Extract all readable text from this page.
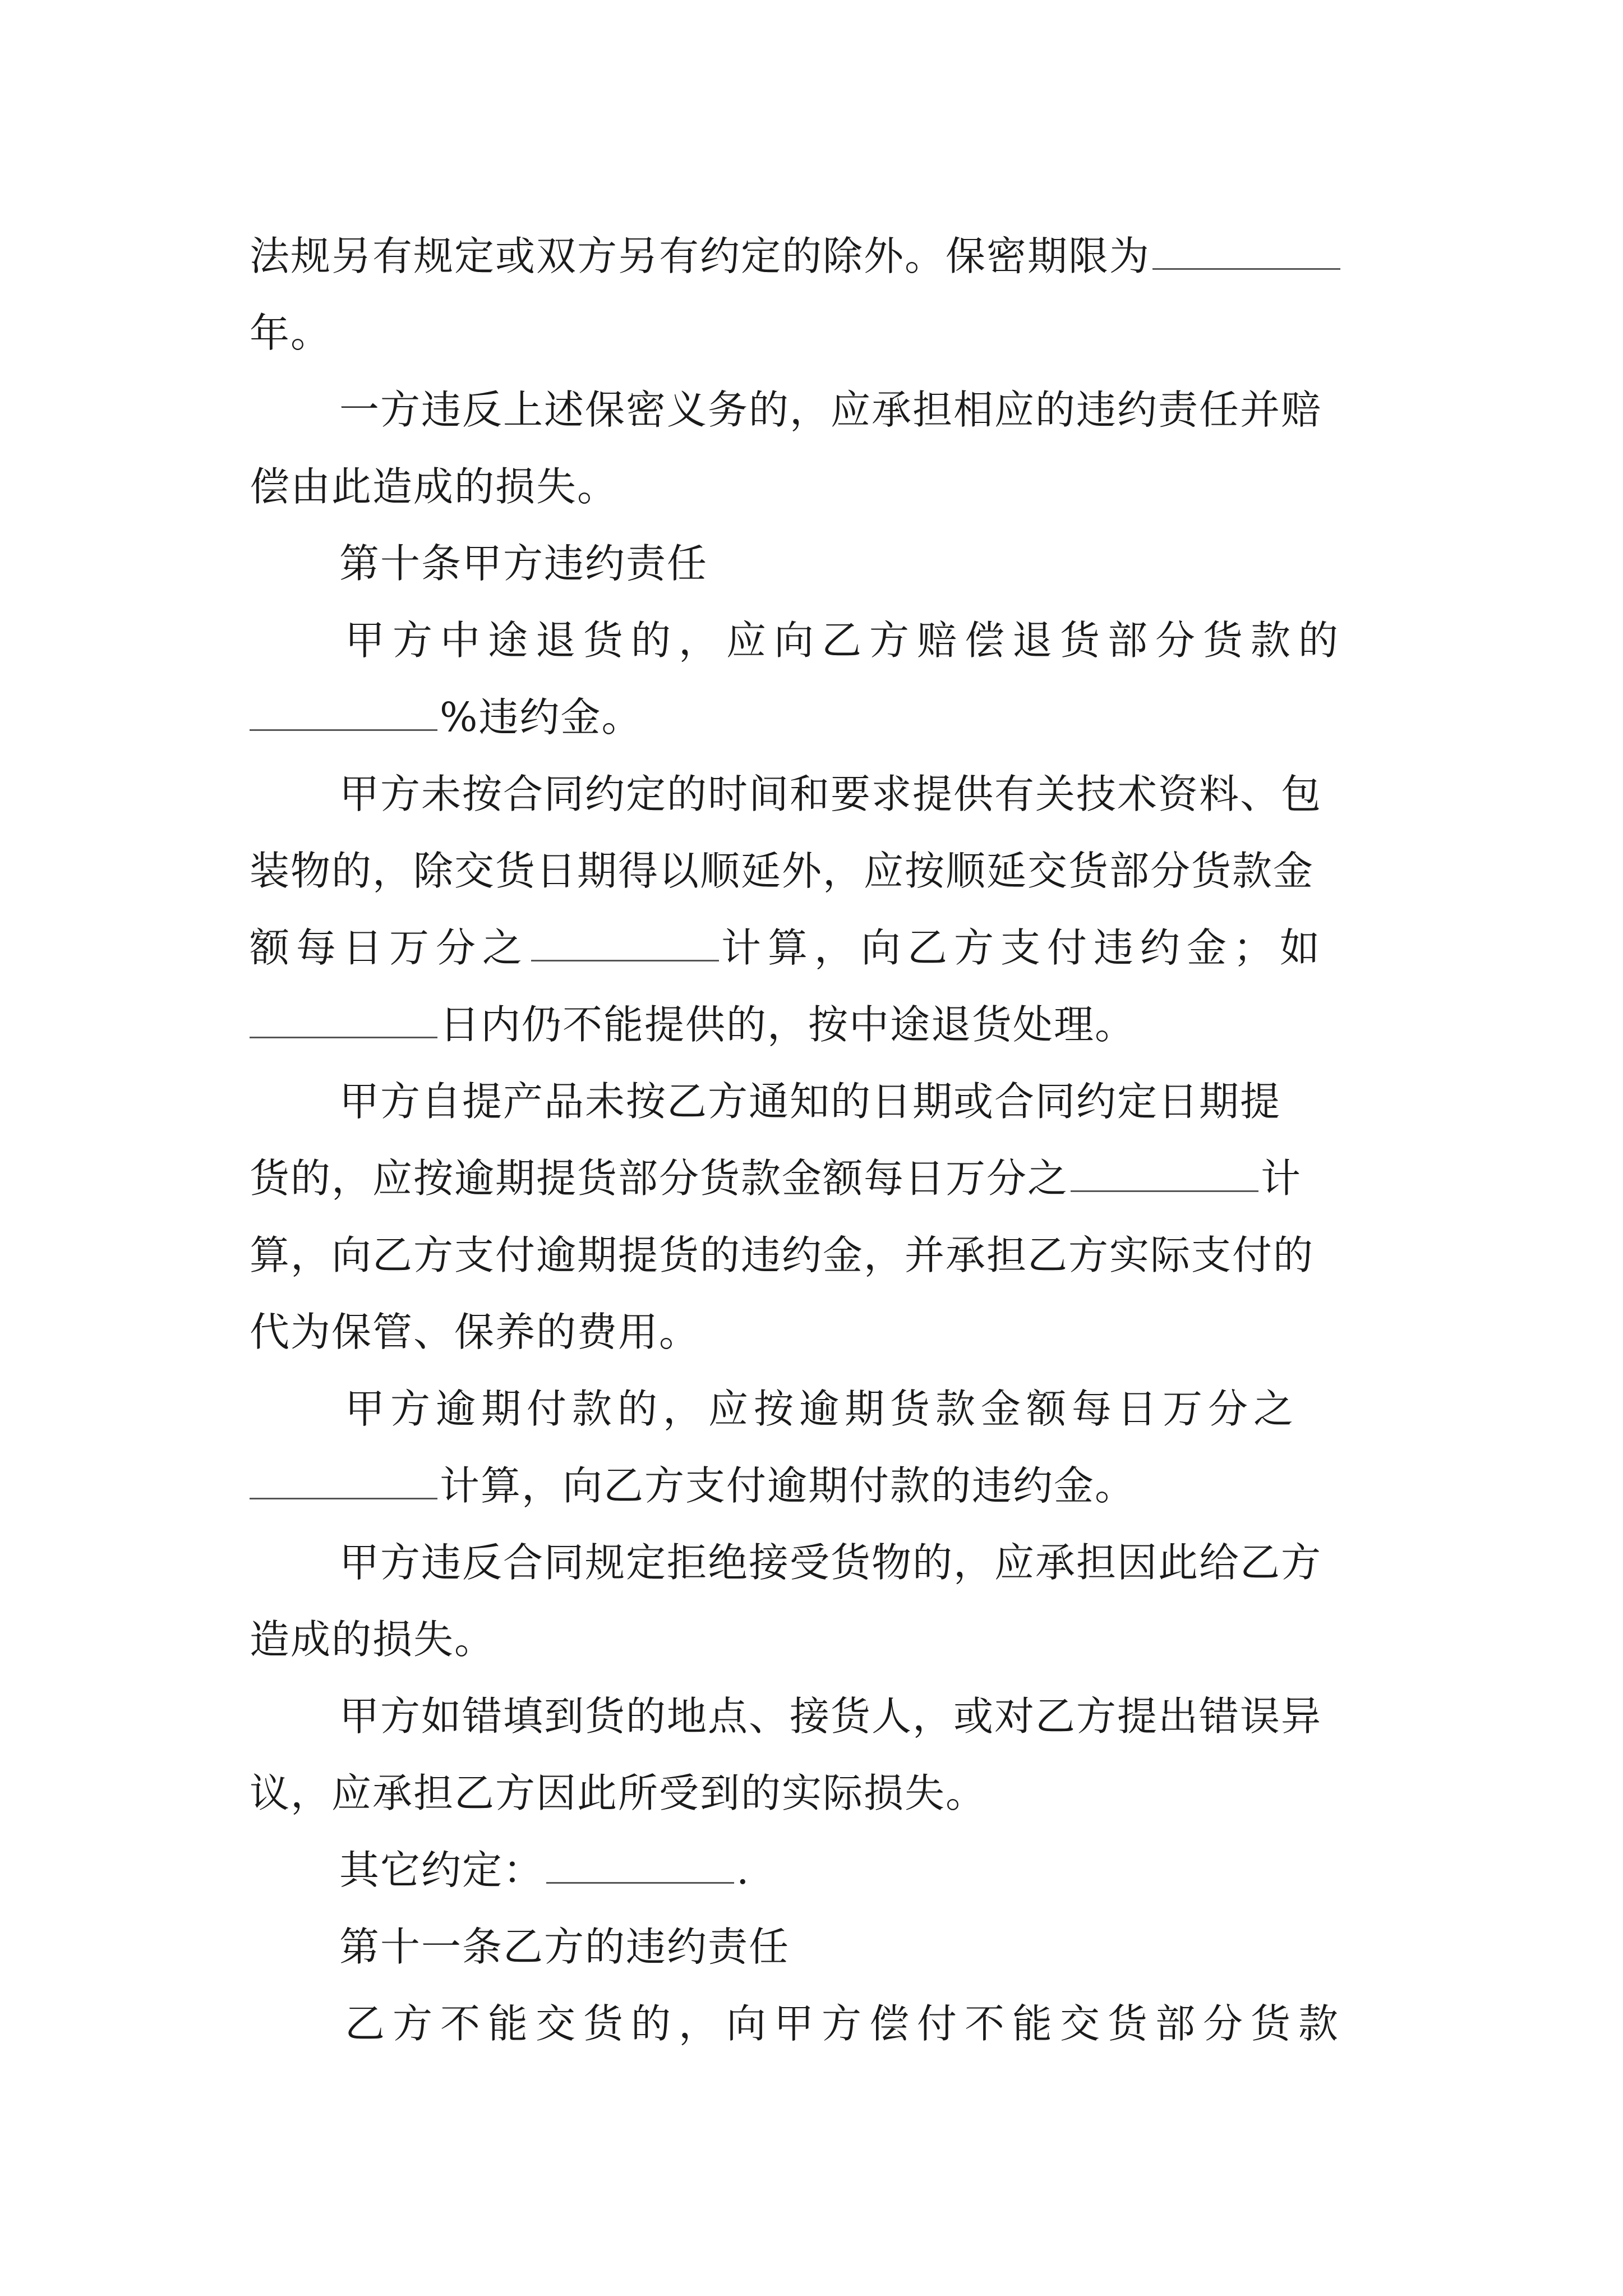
法规另有规定或双方另有约定的除外。保密期限为
年。
一方违反上述保密义务的，应承担相应的违约责任并赔
偿由此造成的损失。
第十条甲方违约责任
甲方中途退货的，应向乙方赔偿退货部分货款的
%违约金。
甲方未按合同约定的时间和要求提供有关技术资料、包
装物的，除交货日期得以顺延外，应按顺延交货部分货款金
额每日万分之	计算，向乙方支付违约金；如
日内仍不能提供的，按中途退货处理。
甲方自提产品未按乙方通知的日期或合同约定日期提
货的，应按逾期提货部分货款金额每日万分之	计
算，向乙方支付逾期提货的违约金，并承担乙方实际支付的
代为保管、保养的费用。
甲方逾期付款的，应按逾期货款金额每日万分之
计算，向乙方支付逾期付款的违约金。
甲方违反合同规定拒绝接受货物的，应承担因此给乙方
造成的损失。
甲方如错填到货的地点、接货人，或对乙方提出错误异
议，应承担乙方因此所受到的实际损失。
其它约定：	.
第十一条乙方的违约责任
乙方不能交货的，向甲方偿付不能交货部分货款
